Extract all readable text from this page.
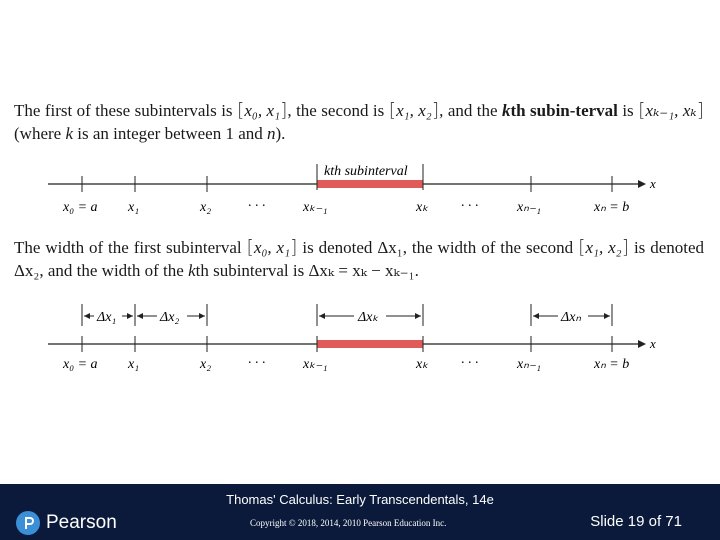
The first of these subintervals is [x₀, x₁], the second is [x₁, x₂], and the kth subin-terval is [xₖ₋₁, xₖ] (where k is an integer between 1 and n).
kth subinterval
x
x₀ = a x₁	x₂	. . .	xₖ₋₁	xₖ . . .	xₙ₋₁	xₙ = b
The width of the first subinterval [x₀, x₁] is denoted Δx₁, the width of the second [x₁, x₂] is denoted Δx₂, and the width of the kth subinterval is Δxₖ = xₖ − xₖ₋₁.
Δx₁	Δx₂	Δxₖ	Δxₙ
x
x₀ = a x₁	x₂	. . .	xₖ₋₁	xₖ . . .	xₙ₋₁	xₙ = b
Thomas' Calculus: Early Transcendentals, 14e
Pearson	Copyright © 2018, 2014, 2010 Pearson Education Inc.	Slide 19 of 71
